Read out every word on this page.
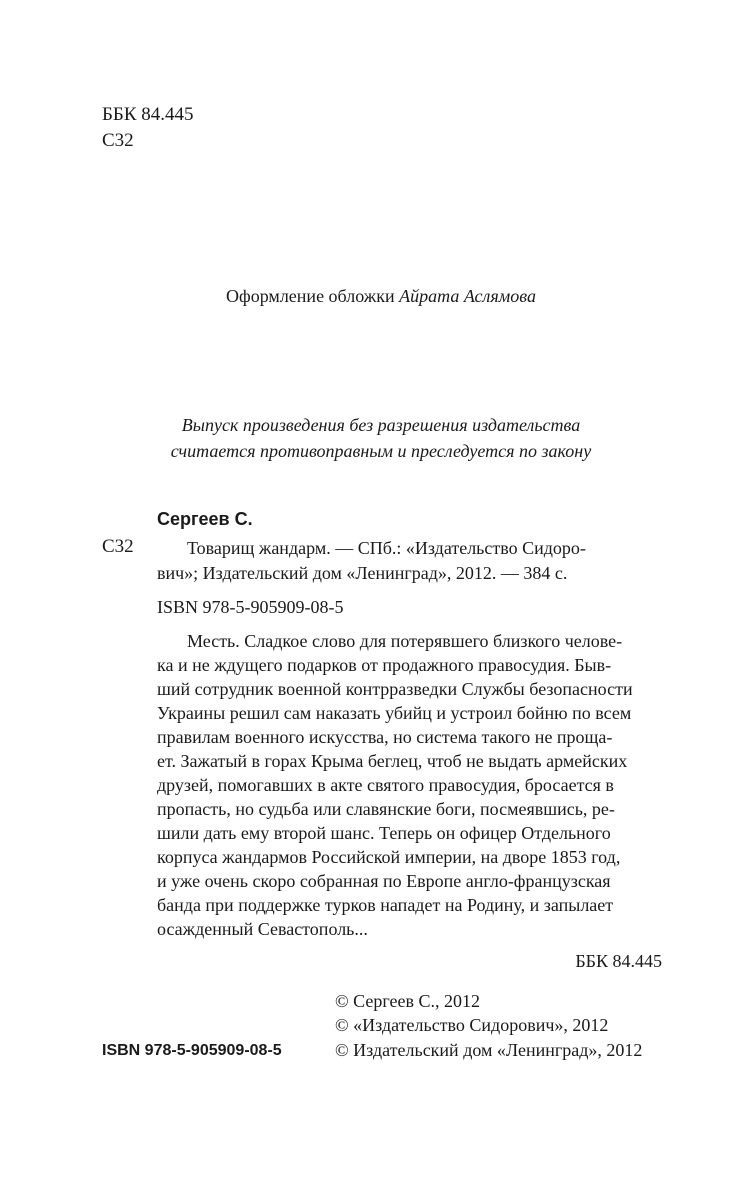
ББК 84.445
С32
Оформление обложки Айрата Аслямова
Выпуск произведения без разрешения издательства
считается противоправным и преследуется по закону
Сергеев С.
С32	Товарищ жандарм. — СПб.: «Издательство Сидоро-
вич»; Издательский дом «Ленинград», 2012. — 384 с.
ISBN 978-5-905909-08-5
Месть. Сладкое слово для потерявшего близкого челове-
ка и не ждущего подарков от продажного правосудия. Быв-
ший сотрудник военной контрразведки Службы безопасности
Украины решил сам наказать убийц и устроил бойню по всем
правилам военного искусства, но система такого не проща-
ет. Зажатый в горах Крыма беглец, чтоб не выдать армейских
друзей, помогавших в акте святого правосудия, бросается в
пропасть, но судьба или славянские боги, посмеявшись, ре-
шили дать ему второй шанс. Теперь он офицер Отдельного
корпуса жандармов Российской империи, на дворе 1853 год,
и уже очень скоро собранная по Европе англо-французская
банда при поддержке турков нападет на Родину, и запылает
осажденный Севастополь...
ББК 84.445
© Сергеев С., 2012
© «Издательство Сидорович», 2012
© Издательский дом «Ленинград», 2012
ISBN 978-5-905909-08-5
